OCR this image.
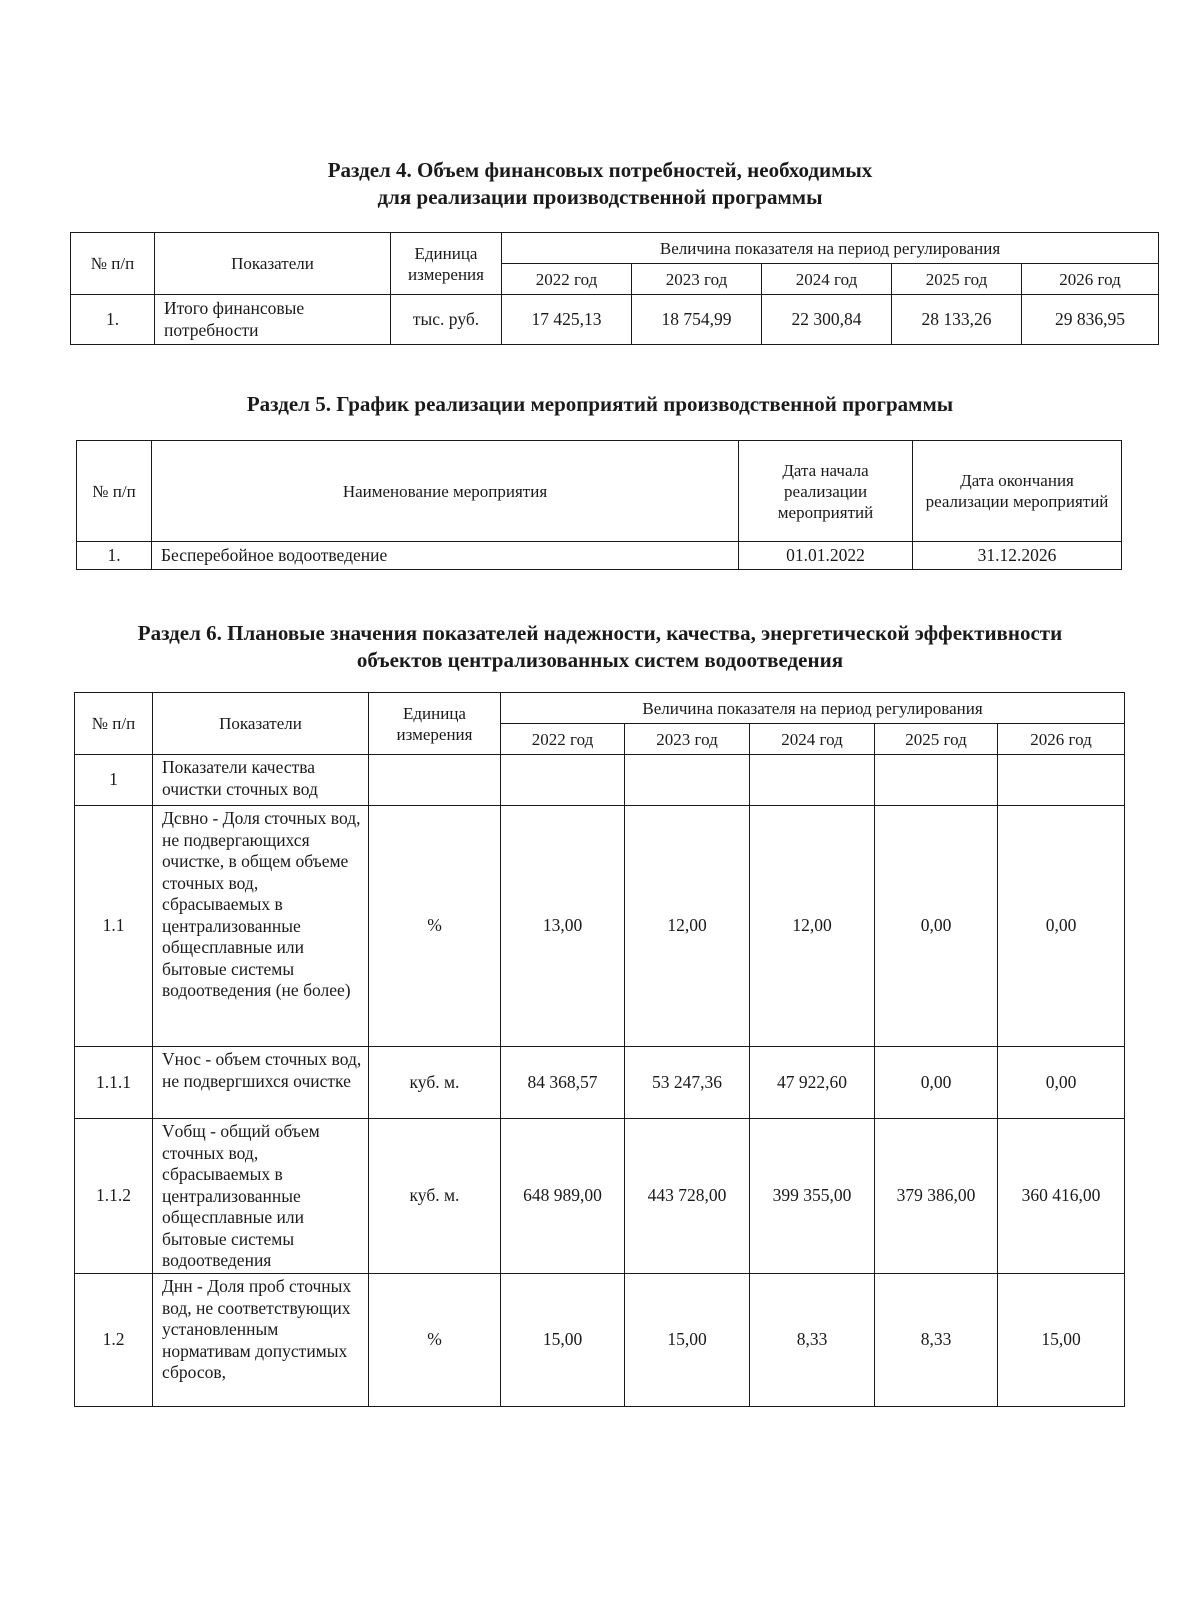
Раздел 4. Объем финансовых потребностей, необходимых
для реализации производственной программы
№ п/п	Показатели	Единица измерения	Величина показателя на период регулирования				
			2022 год	2023 год	2024 год	2025 год	2026 год
1.	Итого финансовые потребности	тыс. руб.	17 425,13	18 754,99	22 300,84	28 133,26	29 836,95
Раздел 5. График реализации мероприятий производственной программы
№ п/п	Наименование мероприятия	Дата начала реализации мероприятий	Дата окончания реализации мероприятий
1.	Бесперебойное водоотведение	01.01.2022	31.12.2026
Раздел 6. Плановые значения показателей надежности, качества, энергетической эффективности
объектов централизованных систем водоотведения
№ п/п	Показатели	Единица измерения	Величина показателя на период регулирования				
			2022 год	2023 год	2024 год	2025 год	2026 год
1	Показатели качества очистки сточных вод						
1.1	Дсвно - Доля сточных вод, не подвергающихся очистке, в общем объеме сточных вод, сбрасываемых в централизованные общесплавные или бытовые системы водоотведения (не более)	%	13,00	12,00	12,00	0,00	0,00
1.1.1	Vнос - объем сточных вод, не подвергшихся очистке	куб. м.	84 368,57	53 247,36	47 922,60	0,00	0,00
1.1.2	Vобщ - общий объем сточных вод, сбрасываемых в централизованные общесплавные или бытовые системы водоотведения	куб. м.	648 989,00	443 728,00	399 355,00	379 386,00	360 416,00
1.2	Днн - Доля проб сточных вод, не соответствующих установленным нормативам допустимых сбросов,	%	15,00	15,00	8,33	8,33	15,00
